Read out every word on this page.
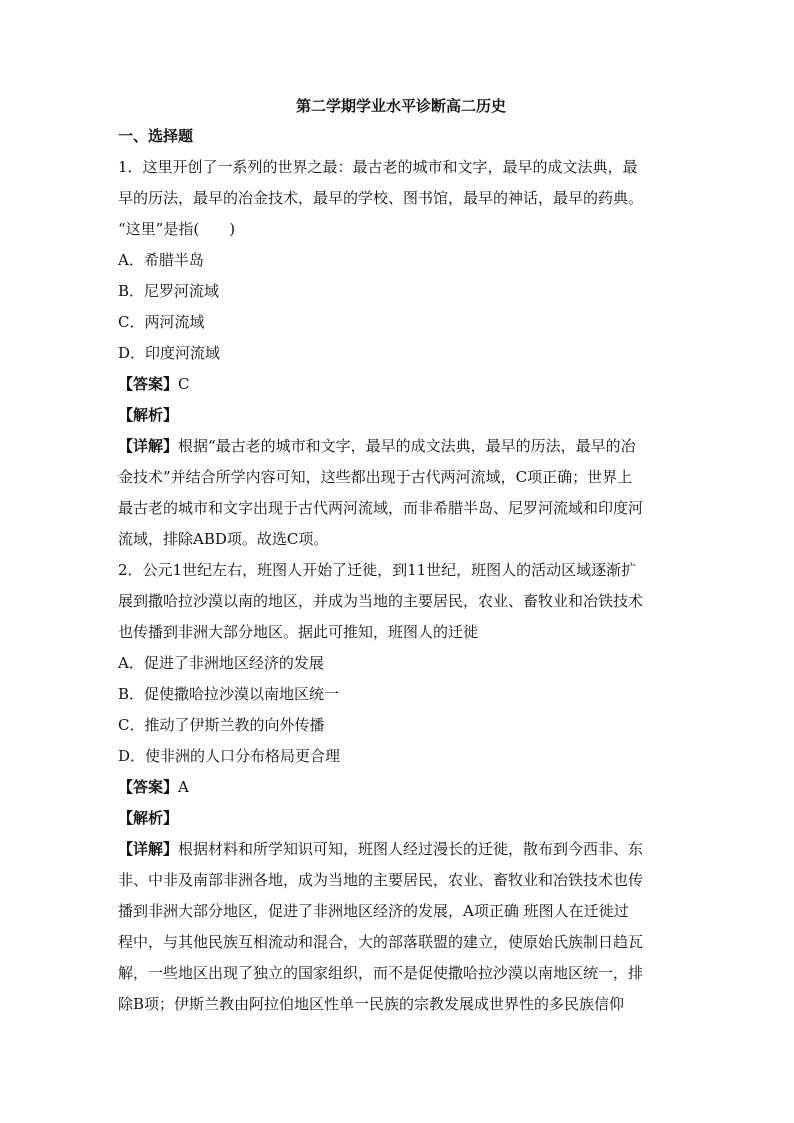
第二学期学业水平诊断高二历史
一、选择题

1．这里开创了一系列的世界之最：最古老的城市和文字，最早的成文法典，最

早的历法，最早的冶金技术，最早的学校、图书馆，最早的神话，最早的药典。

“这里”是指(　　)

A．希腊半岛

B．尼罗河流域

C．两河流域

D．印度河流域

【答案】C

【解析】

【详解】根据“最古老的城市和文字，最早的成文法典，最早的历法，最早的冶

金技术”并结合所学内容可知，这些都出现于古代两河流域，C项正确；世界上

最古老的城市和文字出现于古代两河流域，而非希腊半岛、尼罗河流域和印度河

流域，排除ABD项。故选C项。

2．公元1世纪左右，班图人开始了迁徙，到11世纪，班图人的活动区域逐渐扩

展到撒哈拉沙漠以南的地区，并成为当地的主要居民，农业、畜牧业和冶铁技术

也传播到非洲大部分地区。据此可推知，班图人的迁徙

A．促进了非洲地区经济的发展

B．促使撒哈拉沙漠以南地区统一

C．推动了伊斯兰教的向外传播

D．使非洲的人口分布格局更合理

【答案】A

【解析】

【详解】根据材料和所学知识可知，班图人经过漫长的迁徙，散布到今西非、东

非、中非及南部非洲各地，成为当地的主要居民，农业、畜牧业和冶铁技术也传

播到非洲大部分地区，促进了非洲地区经济的发展，A项正确 班图人在迁徙过

程中，与其他民族互相流动和混合，大的部落联盟的建立，使原始氏族制日趋瓦

解，一些地区出现了独立的国家组织，而不是促使撒哈拉沙漠以南地区统一，排

除B项；伊斯兰教由阿拉伯地区性单一民族的宗教发展成世界性的多民族信仰
